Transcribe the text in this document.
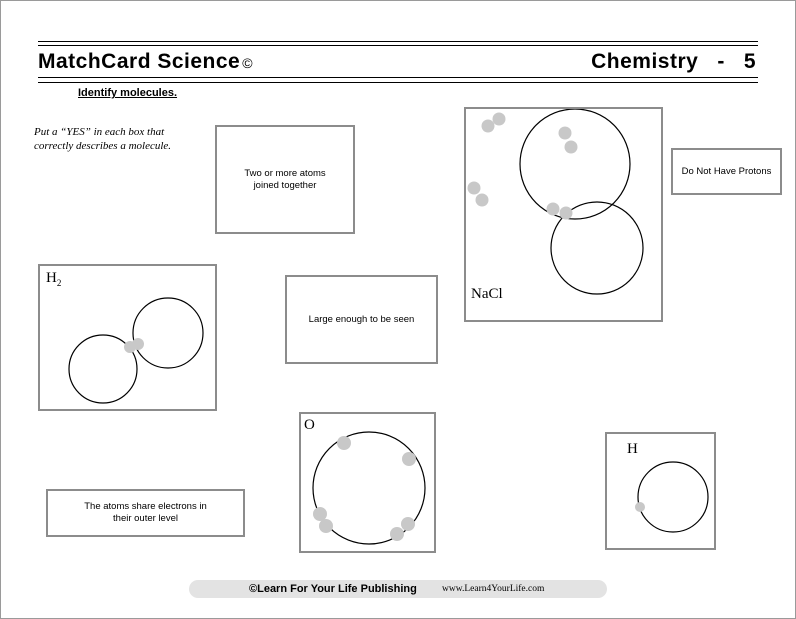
MatchCard Science ©	Chemistry   -   5
Identify molecules.
Put a “YES” in each box that correctly describes a molecule.
Two or more atoms joined together
NaCl
Do Not Have Protons
$H_2$
Large enough to be seen
O
H
The atoms share electrons in their outer level
©Learn For Your Life Publishing	www.Learn4YourLife.com
